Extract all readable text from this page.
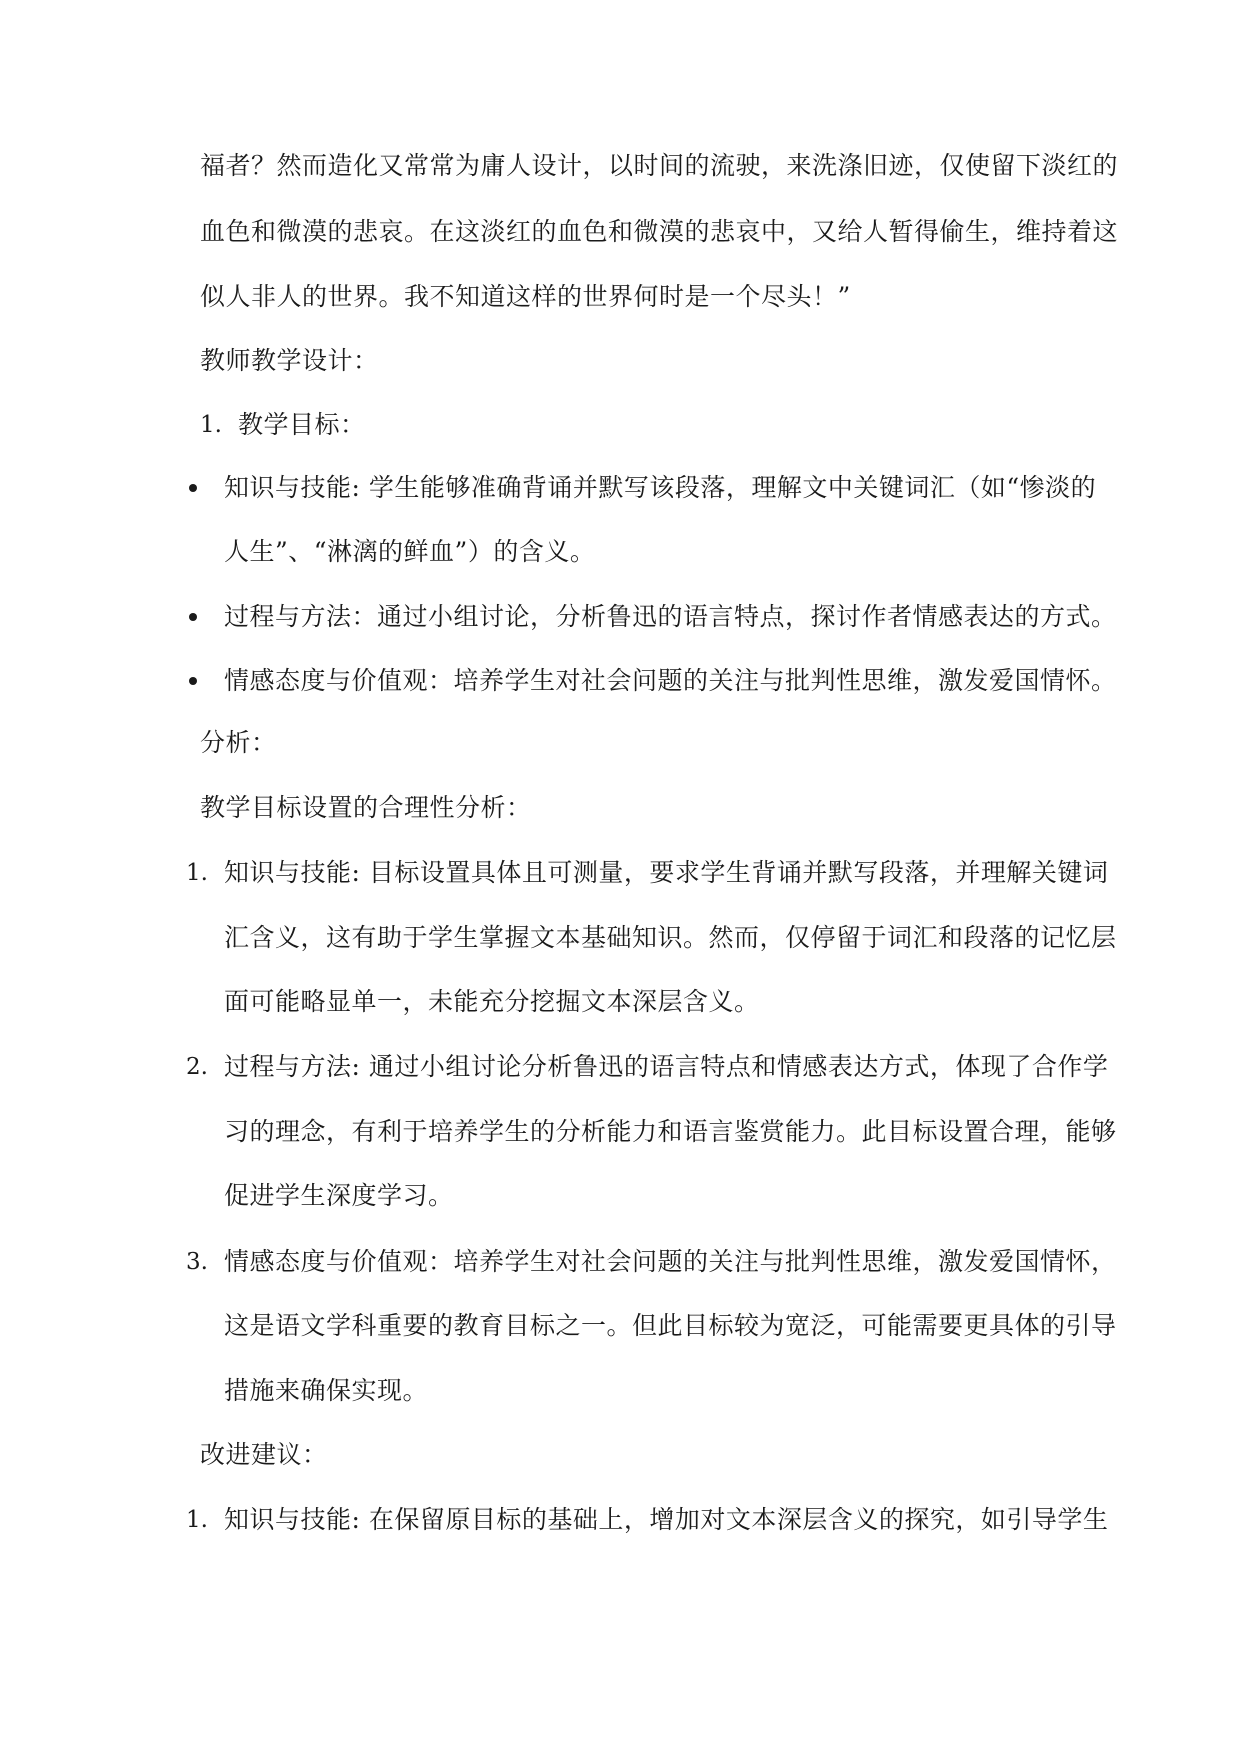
福者？然而造化又常常为庸人设计，以时间的流驶，来洗涤旧迹，仅使留下淡红的
血色和微漠的悲哀。在这淡红的血色和微漠的悲哀中，又给人暂得偷生，维持着这
似人非人的世界。我不知道这样的世界何时是一个尽头！”
教师教学设计：
1. 教学目标：
知识与技能: 学生能够准确背诵并默写该段落，理解文中关键词汇（如“惨淡的
人生”、“淋漓的鲜血”）的含义。
过程与方法：通过小组讨论，分析鲁迅的语言特点，探讨作者情感表达的方式。
情感态度与价值观：培养学生对社会问题的关注与批判性思维，激发爱国情怀。
分析：
教学目标设置的合理性分析：
1. 知识与技能: 目标设置具体且可测量，要求学生背诵并默写段落，并理解关键词
汇含义，这有助于学生掌握文本基础知识。然而，仅停留于词汇和段落的记忆层
面可能略显单一，未能充分挖掘文本深层含义。
2. 过程与方法: 通过小组讨论分析鲁迅的语言特点和情感表达方式，体现了合作学
习的理念，有利于培养学生的分析能力和语言鉴赏能力。此目标设置合理，能够
促进学生深度学习。
3. 情感态度与价值观：培养学生对社会问题的关注与批判性思维，激发爱国情怀，
这是语文学科重要的教育目标之一。但此目标较为宽泛，可能需要更具体的引导
措施来确保实现。
改进建议：
1. 知识与技能: 在保留原目标的基础上，增加对文本深层含义的探究，如引导学生
